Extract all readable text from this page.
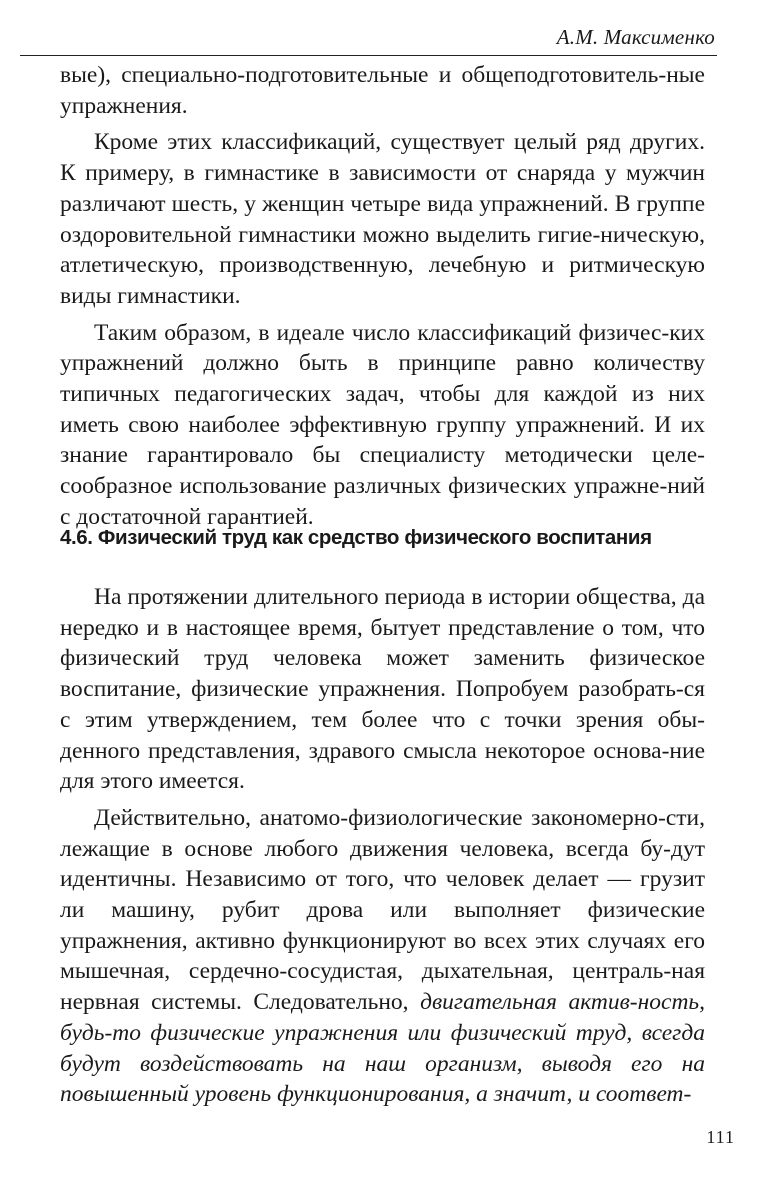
А.М. Максименко

вые), специально-подготовительные и общеподготовитель-ные упражнения.

Кроме этих классификаций, существует целый ряд других. К примеру, в гимнастике в зависимости от снаряда у мужчин различают шесть, у женщин четыре вида упражнений. В группе оздоровительной гимнастики можно выделить гигие-ническую, атлетическую, производственную, лечебную и ритмическую виды гимнастики.

Таким образом, в идеале число классификаций физичес-ких упражнений должно быть в принципе равно количеству типичных педагогических задач, чтобы для каждой из них иметь свою наиболее эффективную группу упражнений. И их знание гарантировало бы специалисту методически целе-сообразное использование различных физических упражне-ний с достаточной гарантией.

4.6. Физический труд как средство физического воспитания

На протяжении длительного периода в истории общества, да нередко и в настоящее время, бытует представление о том, что физический труд человека может заменить физическое воспитание, физические упражнения. Попробуем разобрать-ся с этим утверждением, тем более что с точки зрения обы-денного представления, здравого смысла некоторое основа-ние для этого имеется.

Действительно, анатомо-физиологические закономерно-сти, лежащие в основе любого движения человека, всегда бу-дут идентичны. Независимо от того, что человек делает — грузит ли машину, рубит дрова или выполняет физические упражнения, активно функционируют во всех этих случаях его мышечная, сердечно-сосудистая, дыхательная, централь-ная нервная системы. Следовательно, двигательная актив-ность, будь-то физические упражнения или физический труд, всегда будут воздействовать на наш организм, выводя его на повышенный уровень функционирования, а значит, и соответ-

111
